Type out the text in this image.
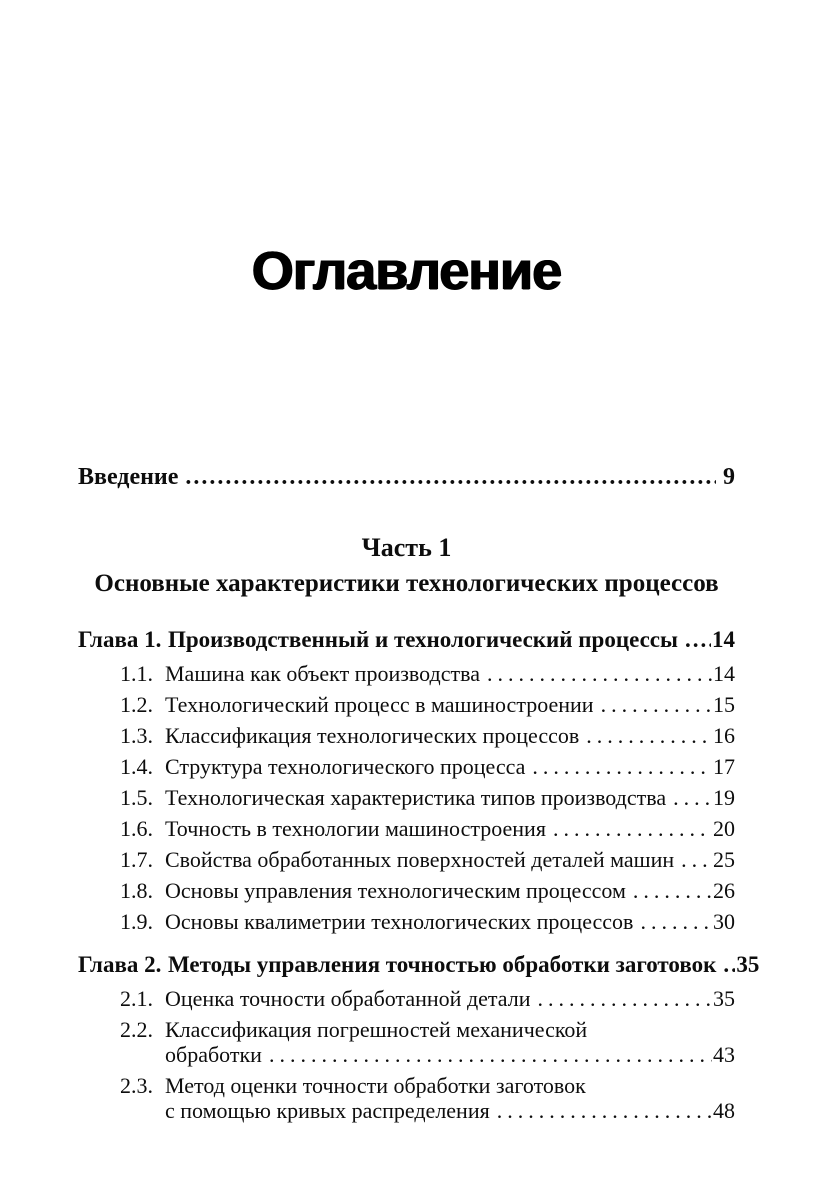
Оглавление
Введение .....	9
Часть 1
Основные характеристики технологических процессов
Глава 1. Производственный и технологический процессы ..... 14
1.1. Машина как объект производства .....	14
1.2. Технологический процесс в машиностроении .....	15
1.3. Классификация технологических процессов .....	16
1.4. Структура технологического процесса .....	17
1.5. Технологическая характеристика типов производства ..... 19
1.6. Точность в технологии машиностроения .....	20
1.7. Свойства обработанных поверхностей деталей машин ..... 25
1.8. Основы управления технологическим процессом .....	26
1.9. Основы квалиметрии технологических процессов .....	30
Глава 2. Методы управления точностью обработки заготовок ..... 35
2.1. Оценка точности обработанной детали .....	35
2.2. Классификация погрешностей механической
обработки .....	43
2.3. Метод оценки точности обработки заготовок
с помощью кривых распределения .....	48
